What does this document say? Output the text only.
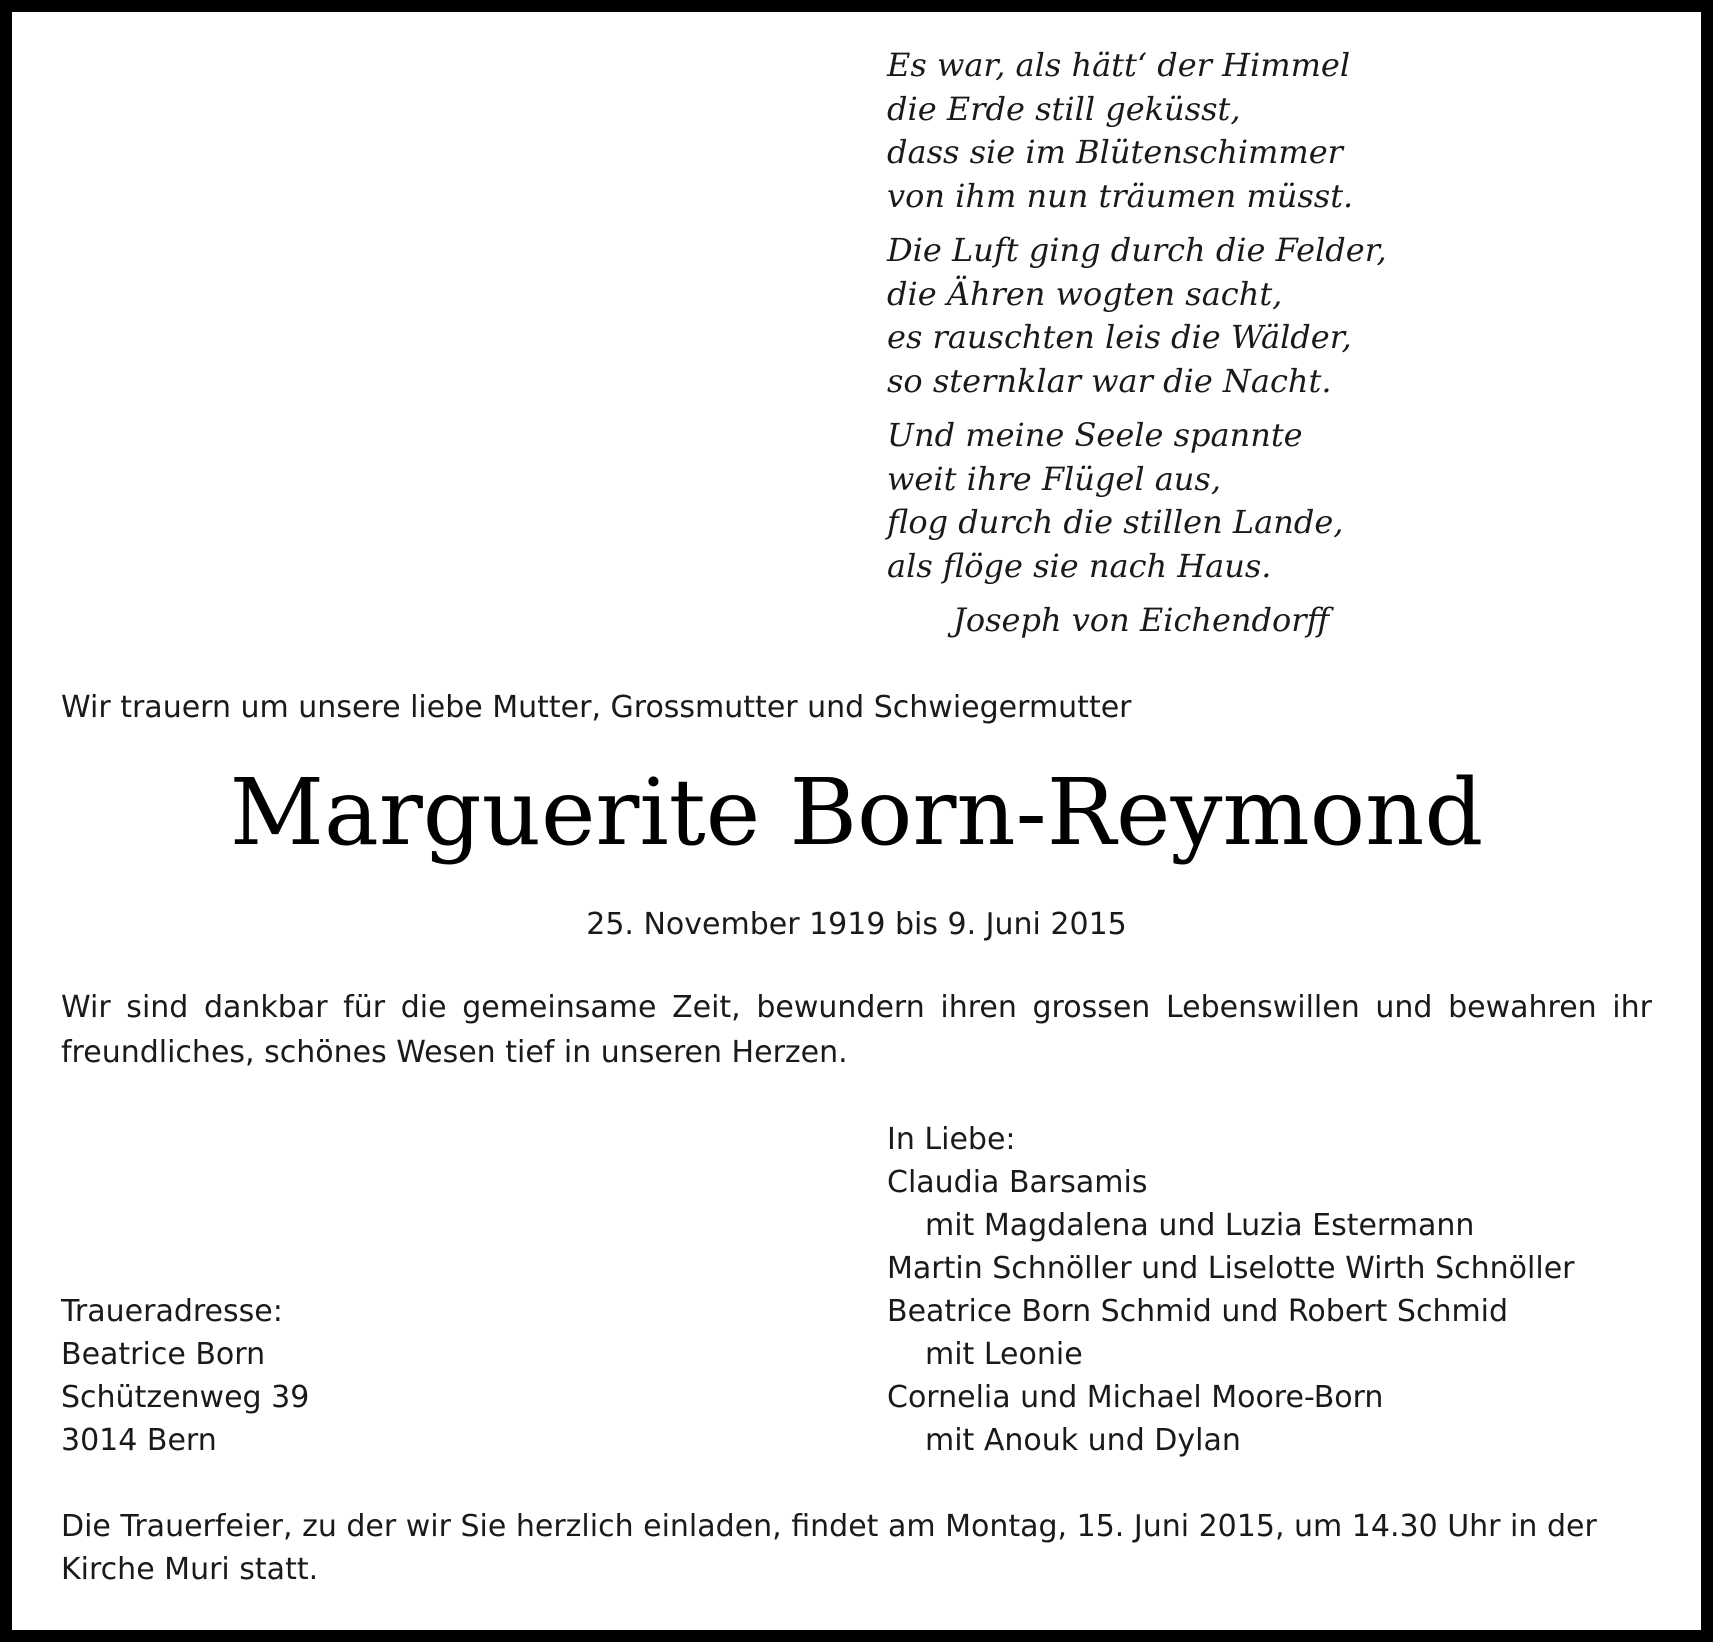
Es war, als hätt‘ der Himmel
die Erde still geküsst,
dass sie im Blütenschimmer
von ihm nun träumen müsst.
Die Luft ging durch die Felder,
die Ähren wogten sacht,
es rauschten leis die Wälder,
so sternklar war die Nacht.
Und meine Seele spannte
weit ihre Flügel aus,
flog durch die stillen Lande,
als flöge sie nach Haus.
Joseph von Eichendorff
Wir trauern um unsere liebe Mutter, Grossmutter und Schwiegermutter
Marguerite Born-Reymond
25. November 1919 bis 9. Juni 2015
Wir sind dankbar für die gemeinsame Zeit, bewundern ihren grossen Lebenswillen und bewahren ihr freundliches, schönes Wesen tief in unseren Herzen.
In Liebe:
Claudia Barsamis
mit Magdalena und Luzia Estermann
Martin Schnöller und Liselotte Wirth Schnöller
Beatrice Born Schmid und Robert Schmid
mit Leonie
Cornelia und Michael Moore-Born
mit Anouk und Dylan
Traueradresse:
Beatrice Born
Schützenweg 39
3014 Bern
Die Trauerfeier, zu der wir Sie herzlich einladen, findet am Montag, 15. Juni 2015, um 14.30 Uhr in der Kirche Muri statt.
